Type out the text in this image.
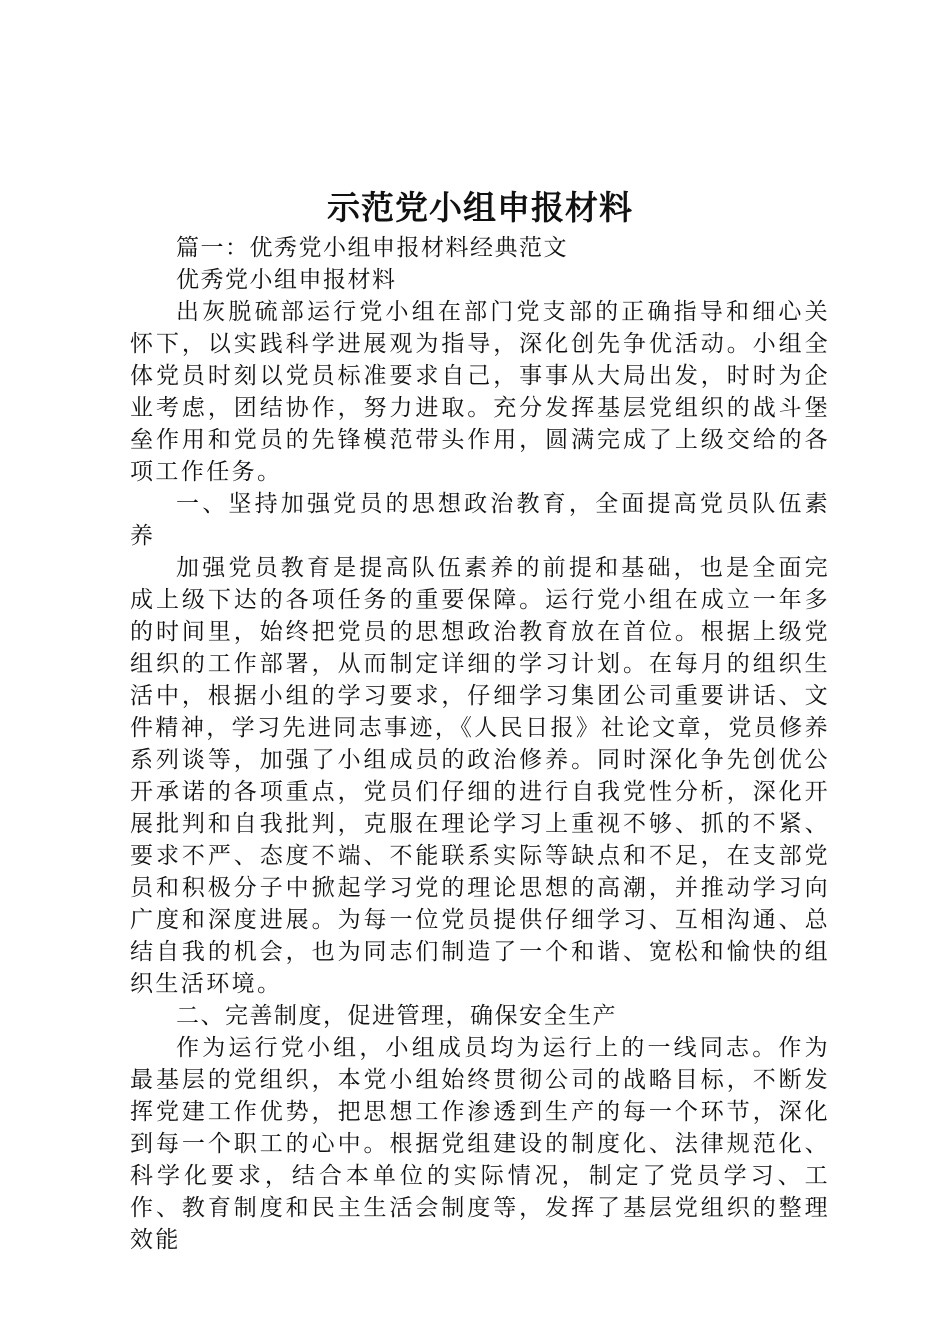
示范党小组申报材料

篇一：优秀党小组申报材料经典范文

优秀党小组申报材料

出灰脱硫部运行党小组在部门党支部的正确指导和细心关怀下，以实践科学进展观为指导，深化创先争优活动。小组全体党员时刻以党员标准要求自己，事事从大局出发，时时为企业考虑，团结协作，努力进取。充分发挥基层党组织的战斗堡垒作用和党员的先锋模范带头作用，圆满完成了上级交给的各项工作任务。

一、坚持加强党员的思想政治教育，全面提高党员队伍素养

加强党员教育是提高队伍素养的前提和基础，也是全面完成上级下达的各项任务的重要保障。运行党小组在成立一年多的时间里，始终把党员的思想政治教育放在首位。根据上级党组织的工作部署，从而制定详细的学习计划。在每月的组织生活中，根据小组的学习要求，仔细学习集团公司重要讲话、文件精神，学习先进同志事迹，《人民日报》社论文章，党员修养系列谈等，加强了小组成员的政治修养。同时深化争先创优公开承诺的各项重点，党员们仔细的进行自我党性分析，深化开展批判和自我批判，克服在理论学习上重视不够、抓的不紧、要求不严、态度不端、不能联系实际等缺点和不足，在支部党员和积极分子中掀起学习党的理论思想的高潮，并推动学习向广度和深度进展。为每一位党员提供仔细学习、互相沟通、总结自我的机会，也为同志们制造了一个和谐、宽松和愉快的组织生活环境。

二、完善制度，促进管理，确保安全生产

作为运行党小组，小组成员均为运行上的一线同志。作为最基层的党组织，本党小组始终贯彻公司的战略目标，不断发挥党建工作优势，把思想工作渗透到生产的每一个环节，深化到每一个职工的心中。根据党组建设的制度化、法律规范化、科学化要求，结合本单位的实际情况，制定了党员学习、工作、教育制度和民主生活会制度等，发挥了基层党组织的整理效能
